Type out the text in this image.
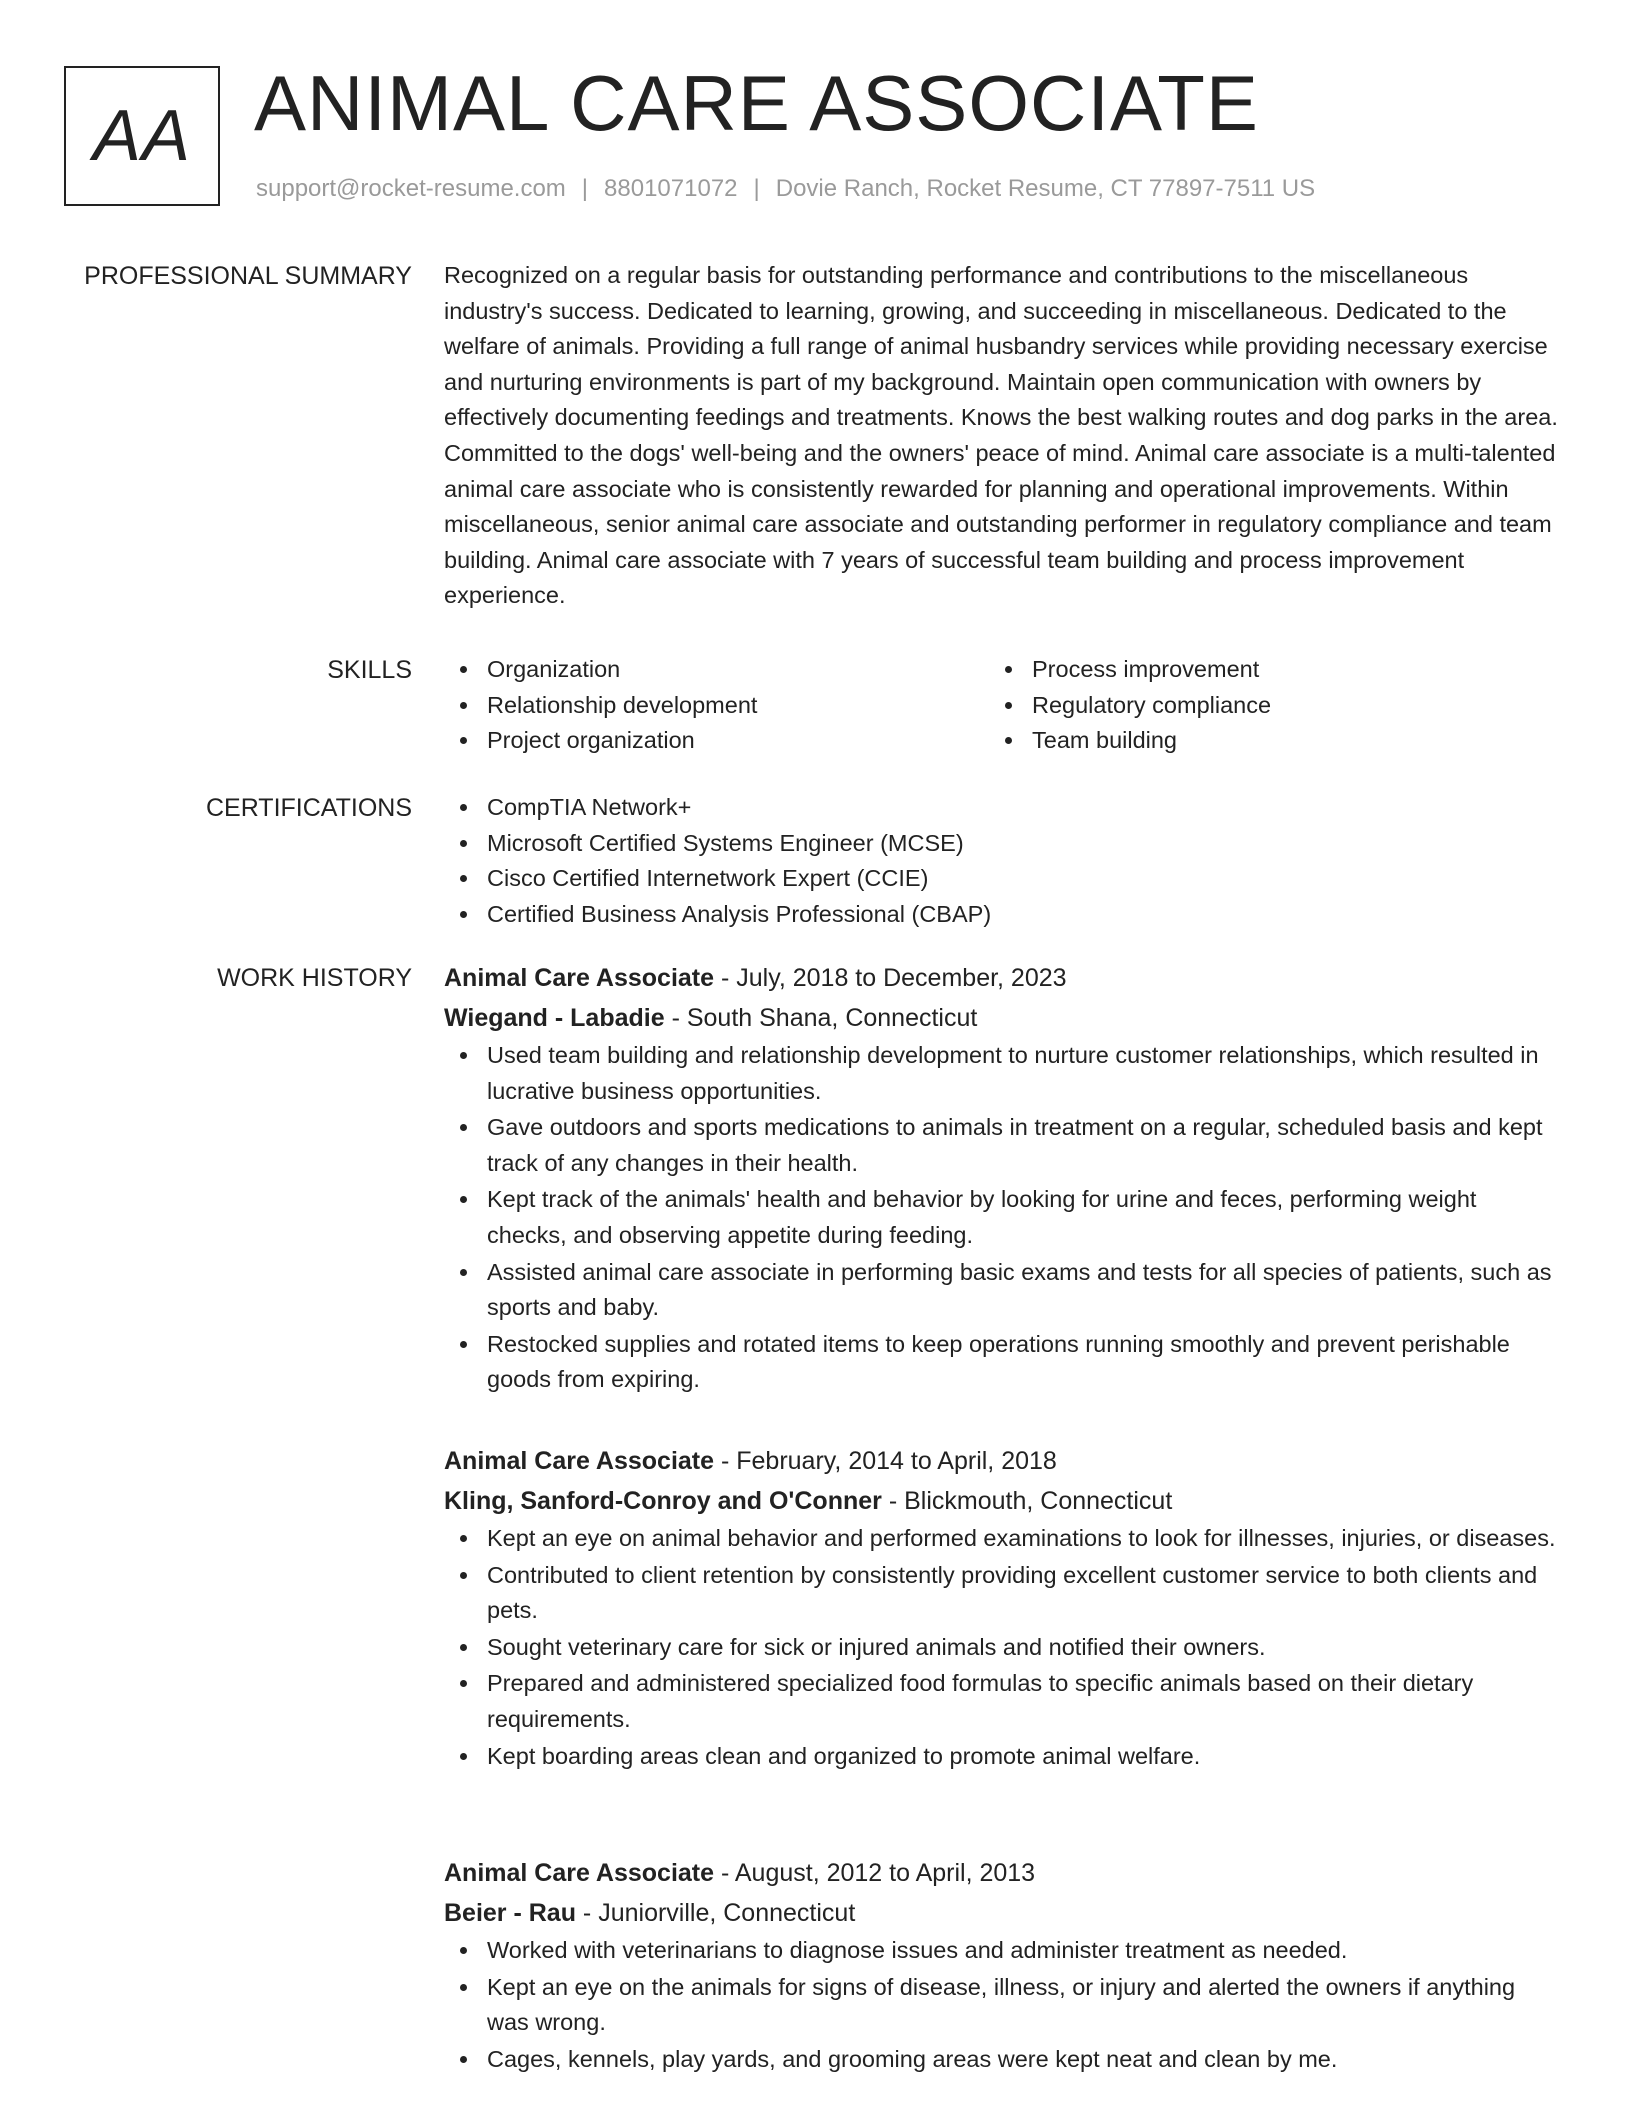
AA ANIMAL CARE ASSOCIATE
support@rocket-resume.com | 8801071072 | Dovie Ranch, Rocket Resume, CT 77897-7511 US
PROFESSIONAL SUMMARY Recognized on a regular basis for outstanding performance and contributions to the miscellaneous industry's success. Dedicated to learning, growing, and succeeding in miscellaneous. Dedicated to the welfare of animals. Providing a full range of animal husbandry services while providing necessary exercise and nurturing environments is part of my background. Maintain open communication with owners by effectively documenting feedings and treatments. Knows the best walking routes and dog parks in the area. Committed to the dogs' well-being and the owners' peace of mind. Animal care associate is a multi-talented animal care associate who is consistently rewarded for planning and operational improvements. Within miscellaneous, senior animal care associate and outstanding performer in regulatory compliance and team building. Animal care associate with 7 years of successful team building and process improvement experience.
SKILLS	Organization
Relationship development
Project organization
Process improvement
Regulatory compliance
Team building
CERTIFICATIONS	CompTIA Network+
Microsoft Certified Systems Engineer (MCSE)
Cisco Certified Internetwork Expert (CCIE)
Certified Business Analysis Professional (CBAP)
WORK HISTORY Animal Care Associate - July, 2018 to December, 2023
Wiegand - Labadie - South Shana, Connecticut
Used team building and relationship development to nurture customer relationships, which resulted in lucrative business opportunities.
Gave outdoors and sports medications to animals in treatment on a regular, scheduled basis and kept track of any changes in their health.
Kept track of the animals' health and behavior by looking for urine and feces, performing weight checks, and observing appetite during feeding.
Assisted animal care associate in performing basic exams and tests for all species of patients, such as sports and baby.
Restocked supplies and rotated items to keep operations running smoothly and prevent perishable goods from expiring.
Animal Care Associate - February, 2014 to April, 2018
Kling, Sanford-Conroy and O'Conner - Blickmouth, Connecticut
Kept an eye on animal behavior and performed examinations to look for illnesses, injuries, or diseases.
Contributed to client retention by consistently providing excellent customer service to both clients and pets.
Sought veterinary care for sick or injured animals and notified their owners.
Prepared and administered specialized food formulas to specific animals based on their dietary requirements.
Kept boarding areas clean and organized to promote animal welfare.
Animal Care Associate - August, 2012 to April, 2013
Beier - Rau - Juniorville, Connecticut
Worked with veterinarians to diagnose issues and administer treatment as needed.
Kept an eye on the animals for signs of disease, illness, or injury and alerted the owners if anything was wrong.
Cages, kennels, play yards, and grooming areas were kept neat and clean by me.
